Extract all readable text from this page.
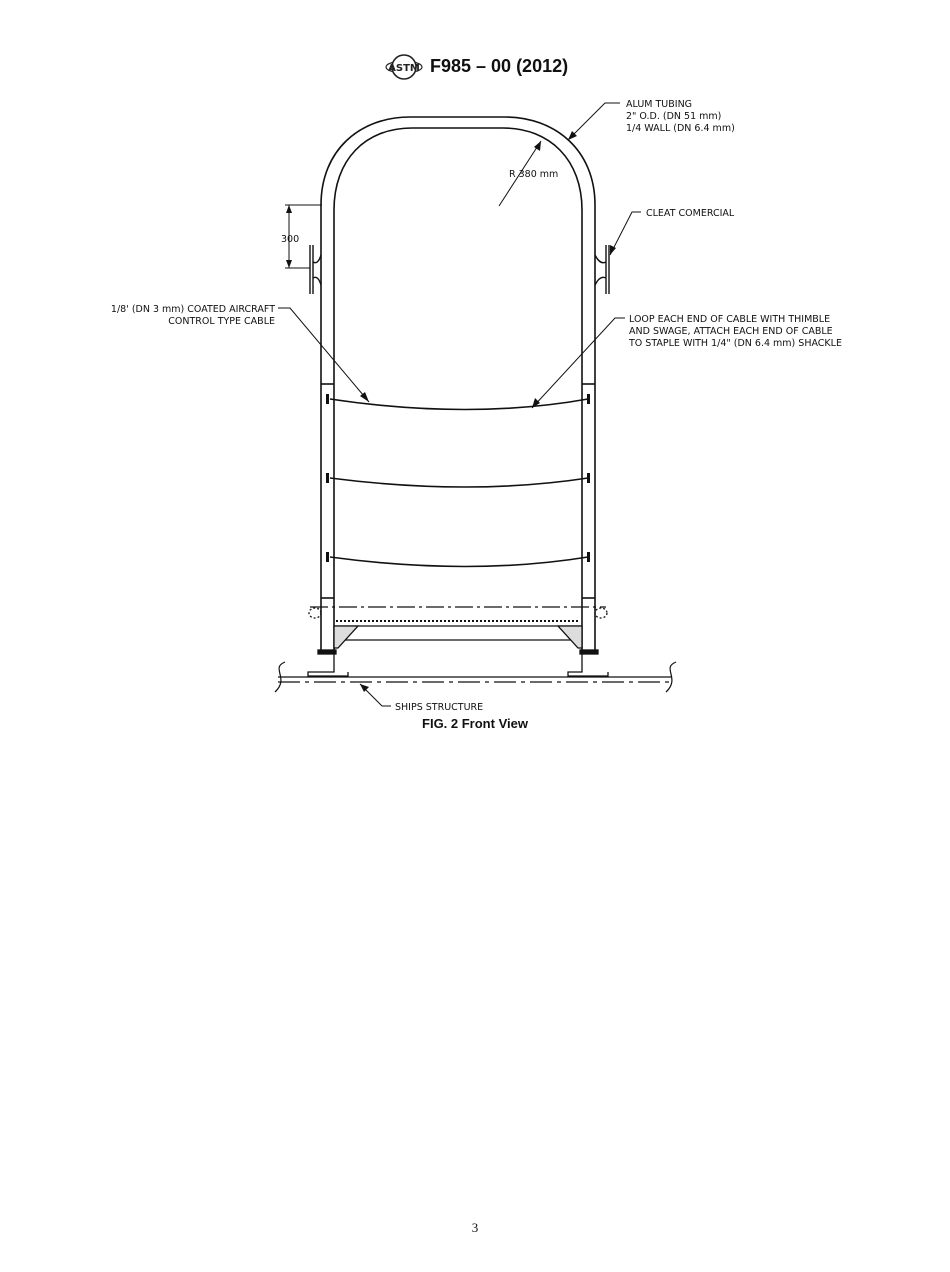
ASTM F985 – 00 (2012)
ALUM TUBING
2" O.D. (DN 51 mm)
1/4 WALL (DN 6.4 mm)
R 380 mm
CLEAT COMERCIAL
300
1/8' (DN 3 mm) COATED AIRCRAFT
CONTROL TYPE CABLE	LOOP EACH END OF CABLE WITH THIMBLE
AND SWAGE, ATTACH EACH END OF CABLE
TO STAPLE WITH 1/4" (DN 6.4 mm) SHACKLE
SHIPS STRUCTURE
FIG. 2 Front View
3
